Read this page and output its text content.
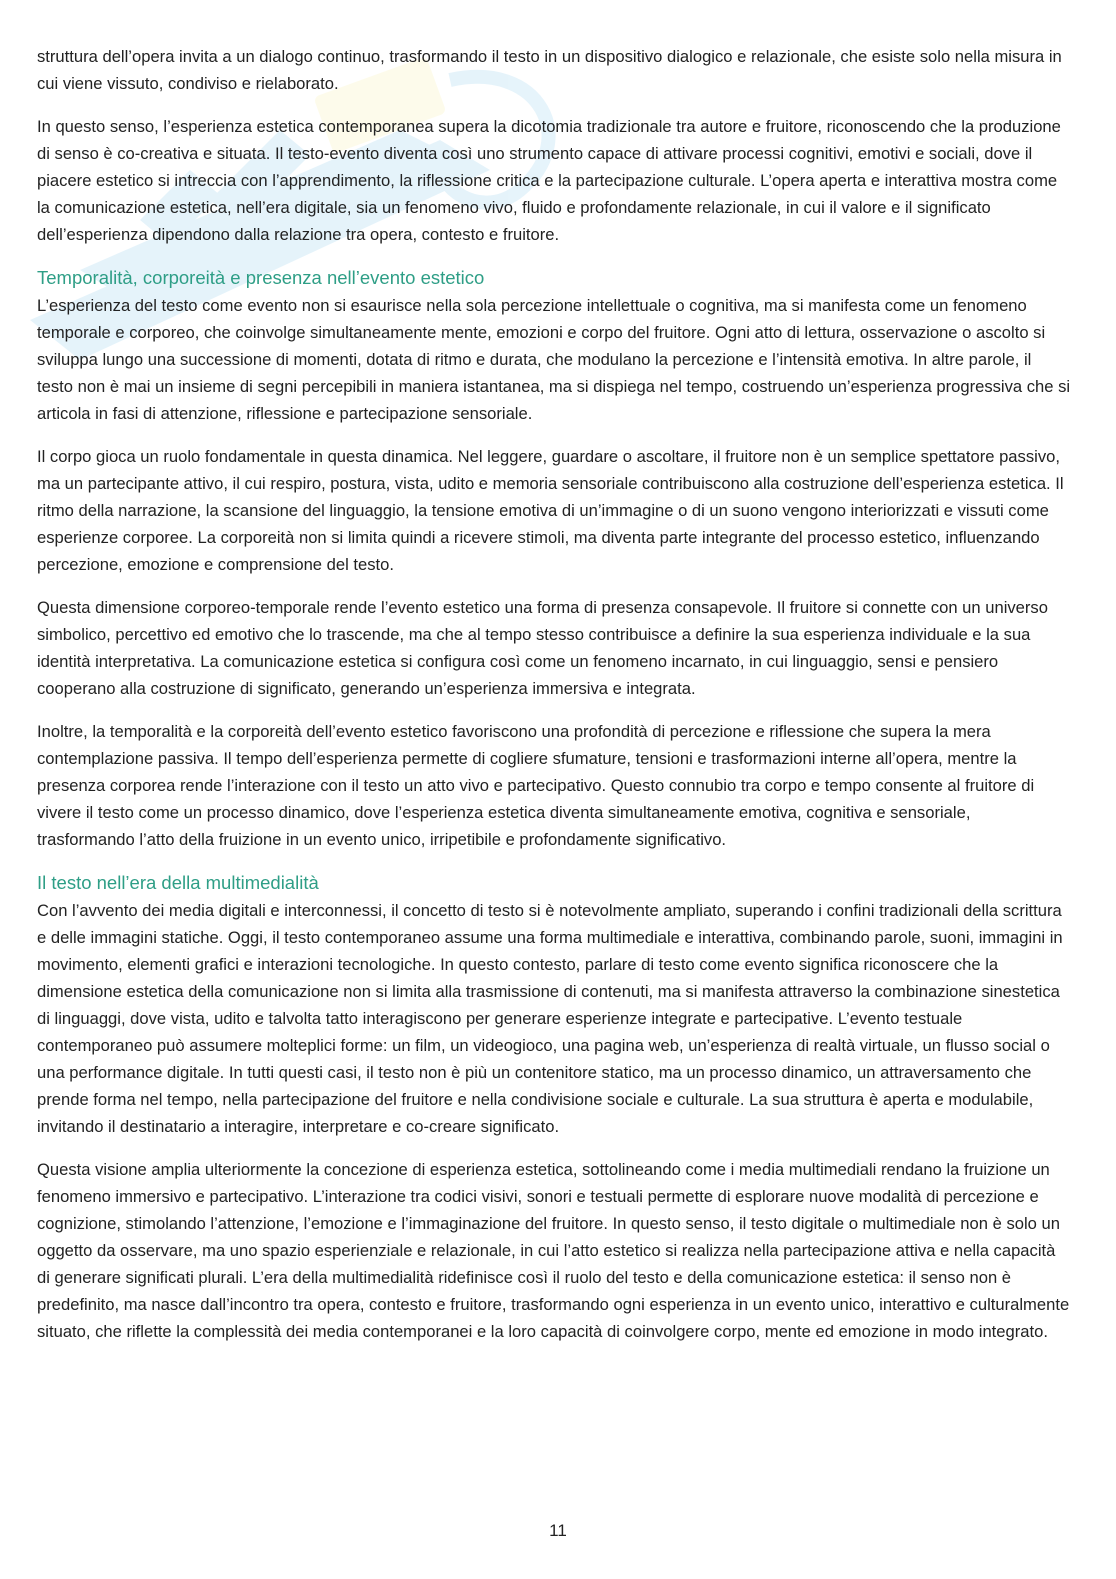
struttura dell’opera invita a un dialogo continuo, trasformando il testo in un dispositivo dialogico e relazionale, che esiste solo nella misura in cui viene vissuto, condiviso e rielaborato.

In questo senso, l’esperienza estetica contemporanea supera la dicotomia tradizionale tra autore e fruitore, riconoscendo che la produzione di senso è co-creativa e situata. Il testo-evento diventa così uno strumento capace di attivare processi cognitivi, emotivi e sociali, dove il piacere estetico si intreccia con l’apprendimento, la riflessione critica e la partecipazione culturale. L’opera aperta e interattiva mostra come la comunicazione estetica, nell’era digitale, sia un fenomeno vivo, fluido e profondamente relazionale, in cui il valore e il significato dell’esperienza dipendono dalla relazione tra opera, contesto e fruitore.

Temporalità, corporeità e presenza nell’evento estetico

L’esperienza del testo come evento non si esaurisce nella sola percezione intellettuale o cognitiva, ma si manifesta come un fenomeno temporale e corporeo, che coinvolge simultaneamente mente, emozioni e corpo del fruitore. Ogni atto di lettura, osservazione o ascolto si sviluppa lungo una successione di momenti, dotata di ritmo e durata, che modulano la percezione e l’intensità emotiva. In altre parole, il testo non è mai un insieme di segni percepibili in maniera istantanea, ma si dispiega nel tempo, costruendo un’esperienza progressiva che si articola in fasi di attenzione, riflessione e partecipazione sensoriale.

Il corpo gioca un ruolo fondamentale in questa dinamica. Nel leggere, guardare o ascoltare, il fruitore non è un semplice spettatore passivo, ma un partecipante attivo, il cui respiro, postura, vista, udito e memoria sensoriale contribuiscono alla costruzione dell’esperienza estetica. Il ritmo della narrazione, la scansione del linguaggio, la tensione emotiva di un’immagine o di un suono vengono interiorizzati e vissuti come esperienze corporee. La corporeità non si limita quindi a ricevere stimoli, ma diventa parte integrante del processo estetico, influenzando percezione, emozione e comprensione del testo.

Questa dimensione corporeo-temporale rende l’evento estetico una forma di presenza consapevole. Il fruitore si connette con un universo simbolico, percettivo ed emotivo che lo trascende, ma che al tempo stesso contribuisce a definire la sua esperienza individuale e la sua identità interpretativa. La comunicazione estetica si configura così come un fenomeno incarnato, in cui linguaggio, sensi e pensiero cooperano alla costruzione di significato, generando un’esperienza immersiva e integrata.

Inoltre, la temporalità e la corporeità dell’evento estetico favoriscono una profondità di percezione e riflessione che supera la mera contemplazione passiva. Il tempo dell’esperienza permette di cogliere sfumature, tensioni e trasformazioni interne all’opera, mentre la presenza corporea rende l’interazione con il testo un atto vivo e partecipativo. Questo connubio tra corpo e tempo consente al fruitore di vivere il testo come un processo dinamico, dove l’esperienza estetica diventa simultaneamente emotiva, cognitiva e sensoriale, trasformando l’atto della fruizione in un evento unico, irripetibile e profondamente significativo.

Il testo nell’era della multimedialità

Con l’avvento dei media digitali e interconnessi, il concetto di testo si è notevolmente ampliato, superando i confini tradizionali della scrittura e delle immagini statiche. Oggi, il testo contemporaneo assume una forma multimediale e interattiva, combinando parole, suoni, immagini in movimento, elementi grafici e interazioni tecnologiche. In questo contesto, parlare di testo come evento significa riconoscere che la dimensione estetica della comunicazione non si limita alla trasmissione di contenuti, ma si manifesta attraverso la combinazione sinestetica di linguaggi, dove vista, udito e talvolta tatto interagiscono per generare esperienze integrate e partecipative. L’evento testuale contemporaneo può assumere molteplici forme: un film, un videogioco, una pagina web, un’esperienza di realtà virtuale, un flusso social o una performance digitale. In tutti questi casi, il testo non è più un contenitore statico, ma un processo dinamico, un attraversamento che prende forma nel tempo, nella partecipazione del fruitore e nella condivisione sociale e culturale. La sua struttura è aperta e modulabile, invitando il destinatario a interagire, interpretare e co-creare significato.

Questa visione amplia ulteriormente la concezione di esperienza estetica, sottolineando come i media multimediali rendano la fruizione un fenomeno immersivo e partecipativo. L’interazione tra codici visivi, sonori e testuali permette di esplorare nuove modalità di percezione e cognizione, stimolando l’attenzione, l’emozione e l’immaginazione del fruitore. In questo senso, il testo digitale o multimediale non è solo un oggetto da osservare, ma uno spazio esperienziale e relazionale, in cui l’atto estetico si realizza nella partecipazione attiva e nella capacità di generare significati plurali. L’era della multimedialità ridefinisce così il ruolo del testo e della comunicazione estetica: il senso non è predefinito, ma nasce dall’incontro tra opera, contesto e fruitore, trasformando ogni esperienza in un evento unico, interattivo e culturalmente situato, che riflette la complessità dei media contemporanei e la loro capacità di coinvolgere corpo, mente ed emozione in modo integrato.

11
